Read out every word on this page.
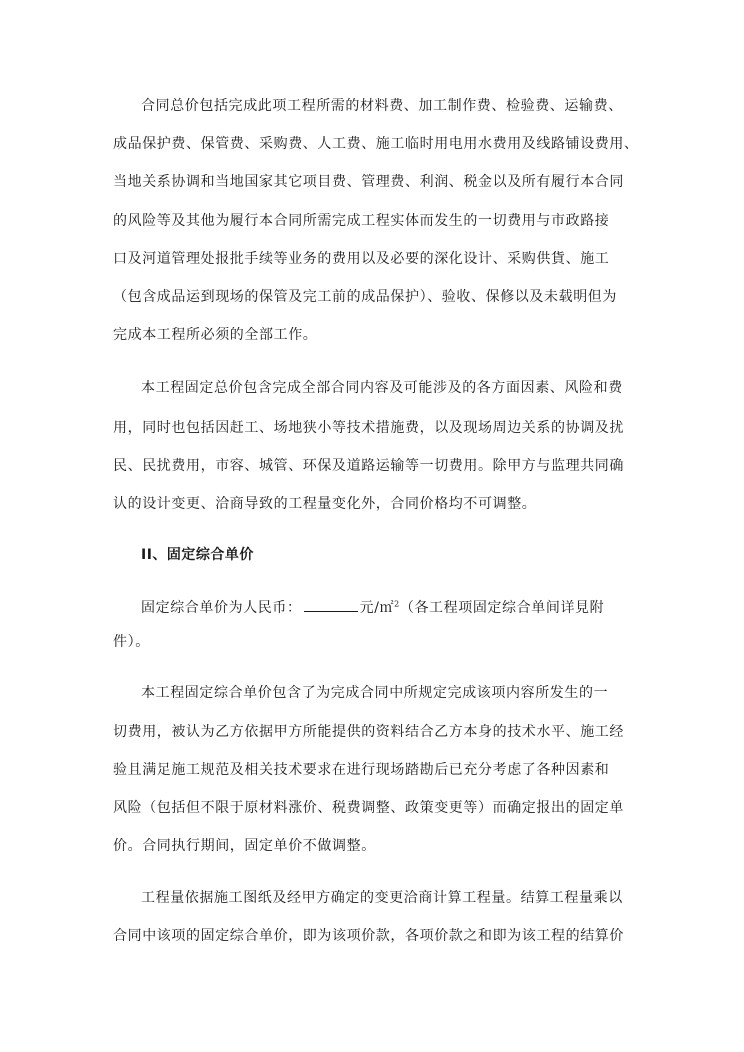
合同总价包括完成此项工程所需的材料费、加工制作费、检验费、运输费、
成品保护费、保管费、采购费、人工费、施工临时用电用水费用及线路铺设费用、
当地关系协调和当地国家其它项目费、管理费、利润、税金以及所有履行本合同
的风险等及其他为履行本合同所需完成工程实体而发生的一切费用与市政路接
口及河道管理处报批手续等业务的费用以及必要的深化设计、采购供貨、施工
（包含成品运到现场的保管及完工前的成品保护）、验收、保修以及未载明但为
完成本工程所必须的全部工作。
本工程固定总价包含完成全部合同内容及可能涉及的各方面因素、风险和费
用，同时也包括因赶工、场地狭小等技术措施费，以及现场周边关系的协调及扰
民、民扰费用，市容、城管、环保及道路运输等一切费用。除甲方与监理共同确
认的设计变更、洽商导致的工程量变化外，合同价格均不可调整。
II、固定综合单价
固定综合单价为人民币：	元/㎡$^2$（各工程项固定综合单间详見附
件）。
本工程固定综合单价包含了为完成合同中所规定完成该项内容所发生的一
切费用，被认为乙方依据甲方所能提供的资料结合乙方本身的技术水平、施工经
验且满足施工规范及相关技术要求在进行现场踏勘后已充分考虑了各种因素和
风险（包括但不限于原材料涨价、税费调整、政策变更等）而确定报出的固定单
价。合同执行期间，固定单价不做调整。
工程量依据施工图纸及经甲方确定的变更洽商计算工程量。结算工程量乘以
合同中该项的固定综合单价，即为该项价款，各项价款之和即为该工程的结算价
